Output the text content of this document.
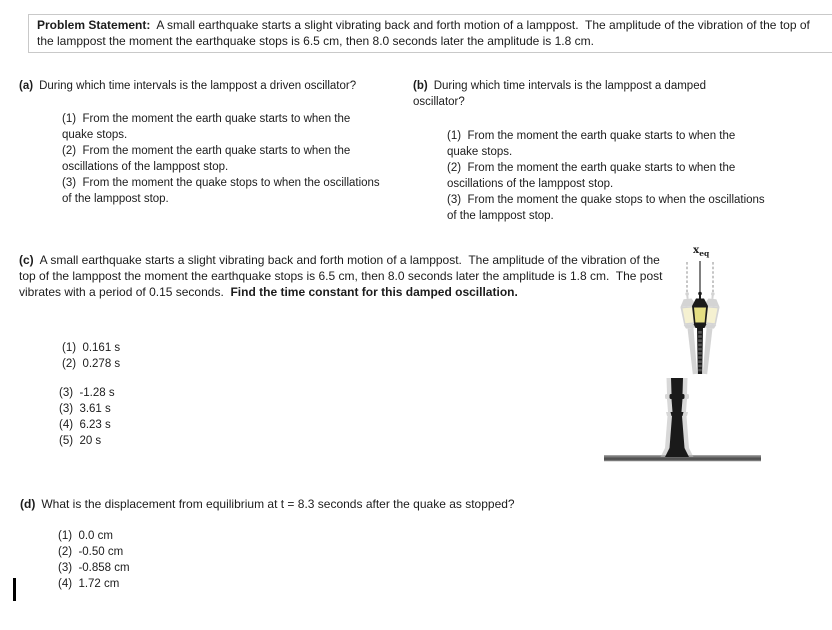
Problem Statement: A small earthquake starts a slight vibrating back and forth motion of a lamppost.  The amplitude of the vibration of the top of the lamppost the moment the earthquake stops is 6.5 cm, then 8.0 seconds later the amplitude is 1.8 cm.

(a) During which time intervals is the lamppost a driven oscillator?

(1)  From the moment the earth quake starts to when the quake stops.

(2)  From the moment the earth quake starts to when the oscillations of the lamppost stop.

(3)  From the moment the quake stops to when the oscillations of the lamppost stop.

(b) During which time intervals is the lamppost a damped oscillator?

(1)  From the moment the earth quake starts to when the quake stops.

(2)  From the moment the earth quake starts to when the oscillations of the lamppost stop.

(3)  From the moment the quake stops to when the oscillations of the lamppost stop.

(c) A small earthquake starts a slight vibrating back and forth motion of a lamppost.  The amplitude of the vibration of the top of the lamppost the moment the earthquake stops is 6.5 cm, then 8.0 seconds later the amplitude is 1.8 cm.  The post vibrates with a period of 0.15 seconds.  Find the time constant for this damped oscillation.

(1)  0.161 s

(2)  0.278 s

(3)  -1.28 s

(3)  3.61 s

(4)  6.23 s

(5)  20 s

(d) What is the displacement from equilibrium at t = 8.3 seconds after the quake as stopped?

(1)  0.0 cm

(2)  -0.50 cm

(3)  -0.858 cm

(4)  1.72 cm

$x_{eq}$
